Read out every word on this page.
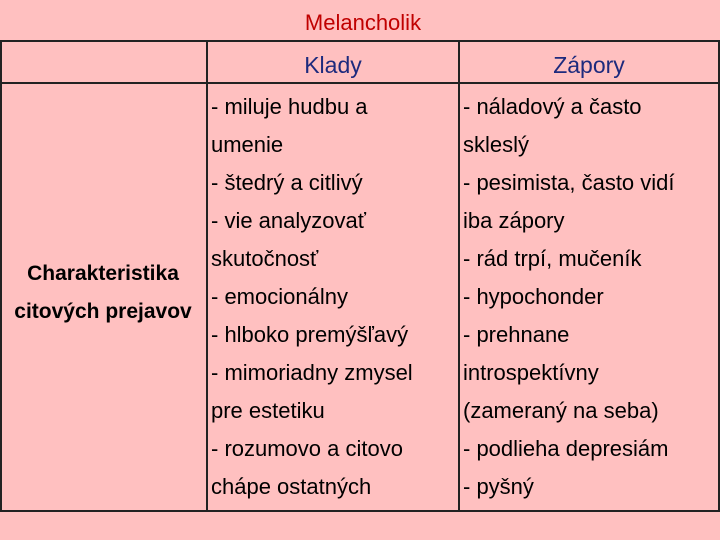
Melancholik
Klady	Zápory
Charakteristika
citových prejavov
- miluje hudbu a
umenie
- štedrý a citlivý
- vie analyzovať
skutočnosť
- emocionálny
- hlboko premýšľavý
- mimoriadny zmysel
pre estetiku
- rozumovo a citovo
chápe ostatných
- náladový a často
skleslý
- pesimista, často vidí
iba zápory
- rád trpí, mučeník
- hypochonder
- prehnane
introspektívny
(zameraný na seba)
- podlieha depresiám
- pyšný
